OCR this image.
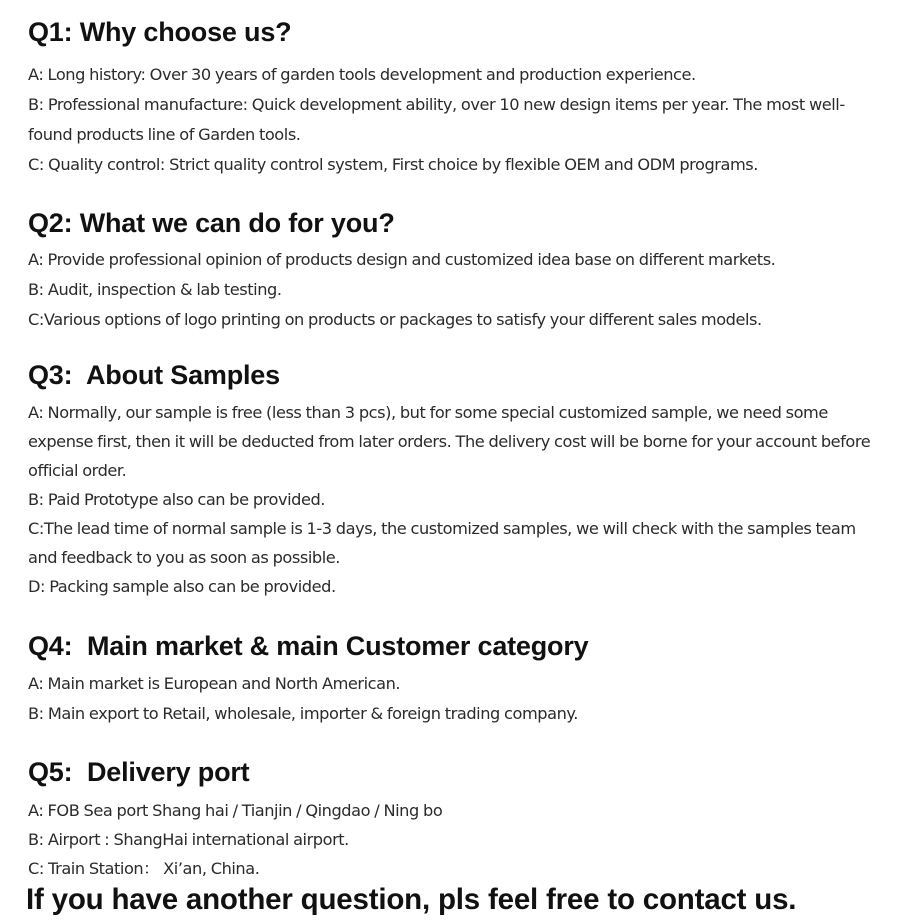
Q1: Why choose us?

A: Long history: Over 30 years of garden tools development and production experience.

B: Professional manufacture: Quick development ability, over 10 new design items per year. The most well-found products line of Garden tools.

C: Quality control: Strict quality control system, First choice by flexible OEM and ODM programs.

Q2: What we can do for you?

A: Provide professional opinion of products design and customized idea base on different markets.

B: Audit, inspection & lab testing.

C:Various options of logo printing on products or packages to satisfy your different sales models.

Q3:  About Samples

A: Normally, our sample is free (less than 3 pcs), but for some special customized sample, we need some expense first, then it will be deducted from later orders. The delivery cost will be borne for your account before official order.

B: Paid Prototype also can be provided.

C:The lead time of normal sample is 1-3 days, the customized samples, we will check with the samples team and feedback to you as soon as possible.

D: Packing sample also can be provided.

Q4:  Main market & main Customer category

A: Main market is European and North American.

B: Main export to Retail, wholesale, importer & foreign trading company.

Q5:  Delivery port

A: FOB Sea port Shang hai / Tianjin / Qingdao / Ning bo

B: Airport : ShangHai international airport.

C: Train Station： Xi’an, China.

If you have another question, pls feel free to contact us.
